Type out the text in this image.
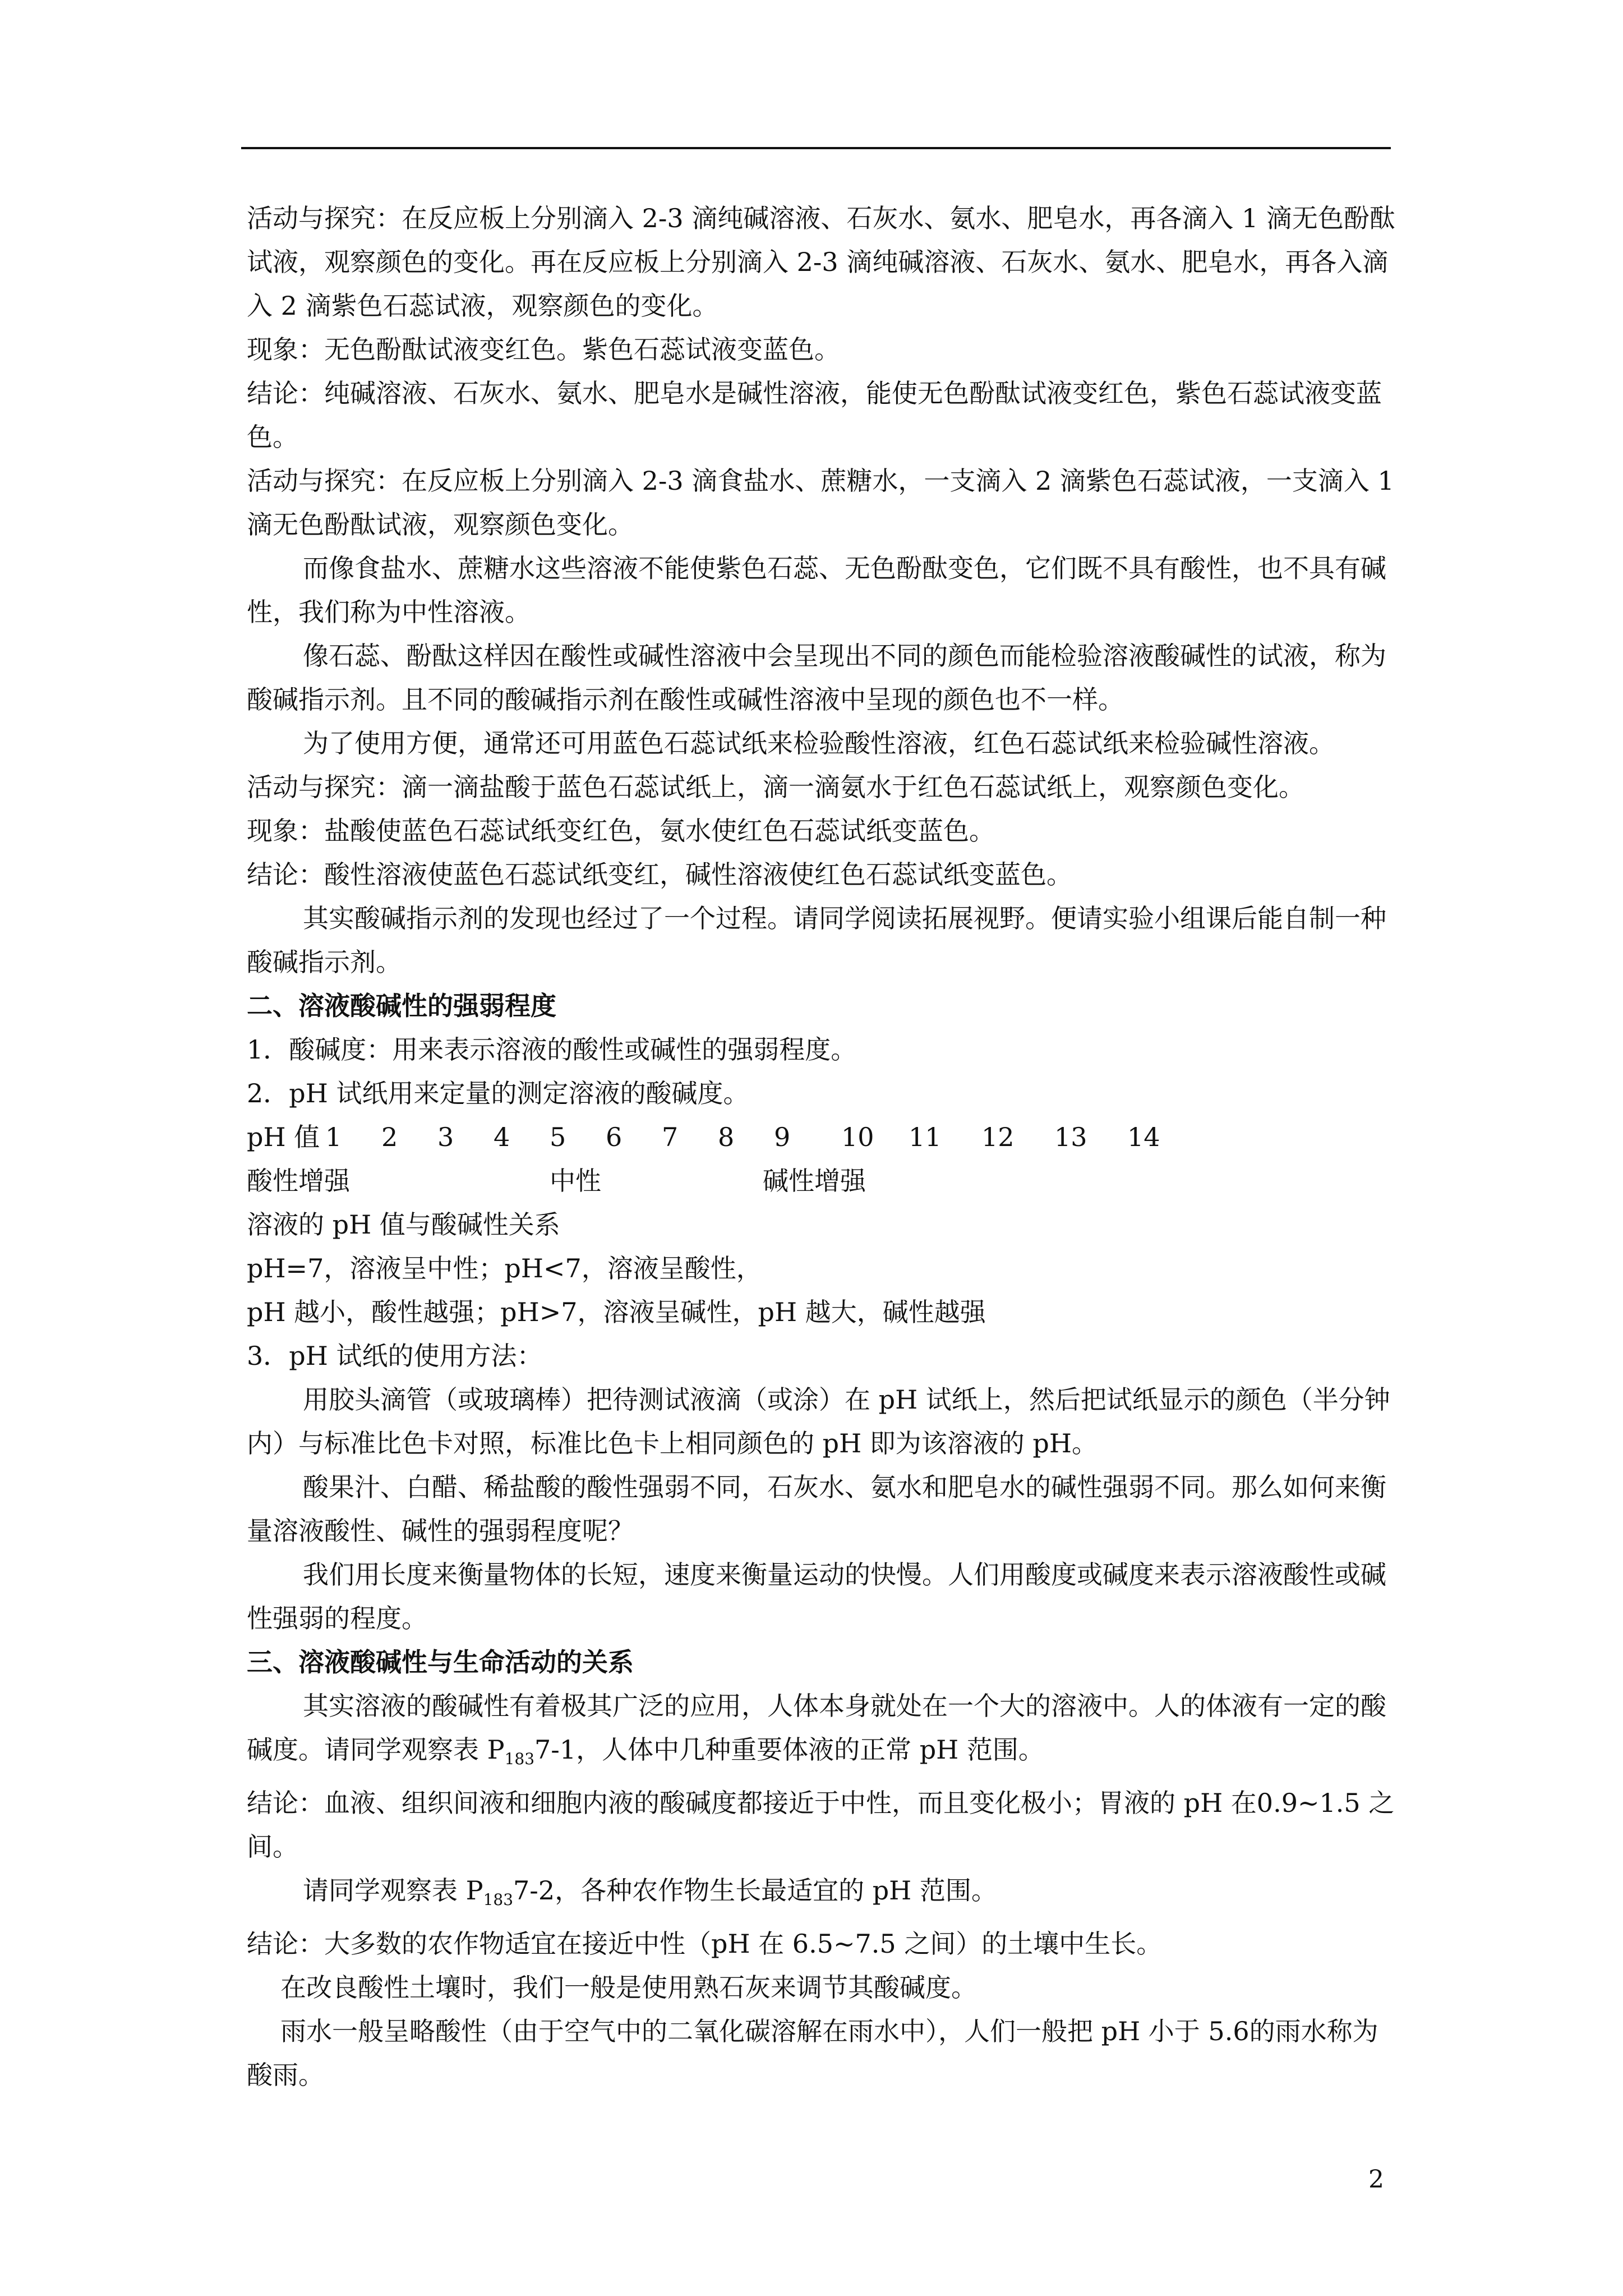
活动与探究：在反应板上分别滴入 2-3 滴纯碱溶液、石灰水、氨水、肥皂水，再各滴入 1 滴无色酚酞试液，观察颜色的变化。再在反应板上分别滴入 2-3 滴纯碱溶液、石灰水、氨水、肥皂水，再各入滴入 2 滴紫色石蕊试液，观察颜色的变化。

现象：无色酚酞试液变红色。紫色石蕊试液变蓝色。

结论：纯碱溶液、石灰水、氨水、肥皂水是碱性溶液，能使无色酚酞试液变红色，紫色石蕊试液变蓝色。

活动与探究：在反应板上分别滴入 2-3 滴食盐水、蔗糖水，一支滴入 2 滴紫色石蕊试液，一支滴入 1 滴无色酚酞试液，观察颜色变化。

而像食盐水、蔗糖水这些溶液不能使紫色石蕊、无色酚酞变色，它们既不具有酸性，也不具有碱性，我们称为中性溶液。

像石蕊、酚酞这样因在酸性或碱性溶液中会呈现出不同的颜色而能检验溶液酸碱性的试液，称为酸碱指示剂。且不同的酸碱指示剂在酸性或碱性溶液中呈现的颜色也不一样。

为了使用方便，通常还可用蓝色石蕊试纸来检验酸性溶液，红色石蕊试纸来检验碱性溶液。

活动与探究：滴一滴盐酸于蓝色石蕊试纸上，滴一滴氨水于红色石蕊试纸上，观察颜色变化。

现象：盐酸使蓝色石蕊试纸变红色，氨水使红色石蕊试纸变蓝色。

结论：酸性溶液使蓝色石蕊试纸变红，碱性溶液使红色石蕊试纸变蓝色。

其实酸碱指示剂的发现也经过了一个过程。请同学阅读拓展视野。便请实验小组课后能自制一种酸碱指示剂。

二、溶液酸碱性的强弱程度

1．酸碱度：用来表示溶液的酸性或碱性的强弱程度。

2．pH 试纸用来定量的测定溶液的酸碱度。

pH 值 1 2 3 4 5 6 7 8 9 10 11 12 13 14

酸性增强	中性	碱性增强

溶液的 pH 值与酸碱性关系

pH=7，溶液呈中性；pH<7，溶液呈酸性，

pH 越小，酸性越强；pH>7，溶液呈碱性，pH 越大，碱性越强

3．pH 试纸的使用方法：

用胶头滴管（或玻璃棒）把待测试液滴（或涂）在 pH 试纸上，然后把试纸显示的颜色（半分钟内）与标准比色卡对照，标准比色卡上相同颜色的 pH 即为该溶液的 pH。

酸果汁、白醋、稀盐酸的酸性强弱不同，石灰水、氨水和肥皂水的碱性强弱不同。那么如何来衡量溶液酸性、碱性的强弱程度呢？

我们用长度来衡量物体的长短，速度来衡量运动的快慢。人们用酸度或碱度来表示溶液酸性或碱性强弱的程度。

三、溶液酸碱性与生命活动的关系

其实溶液的酸碱性有着极其广泛的应用，人体本身就处在一个大的溶液中。人的体液有一定的酸碱度。请同学观察表 $P_{183}7-1$，人体中几种重要体液的正常 pH 范围。

结论：血液、组织间液和细胞内液的酸碱度都接近于中性，而且变化极小；胃液的 pH 在0.9~1.5 之间。

请同学观察表 $P_{183}7-2$，各种农作物生长最适宜的 pH 范围。

结论：大多数的农作物适宜在接近中性（pH 在 6.5~7.5 之间）的土壤中生长。

在改良酸性土壤时，我们一般是使用熟石灰来调节其酸碱度。

雨水一般呈略酸性（由于空气中的二氧化碳溶解在雨水中），人们一般把 pH 小于 5.6的雨水称为酸雨。

2
